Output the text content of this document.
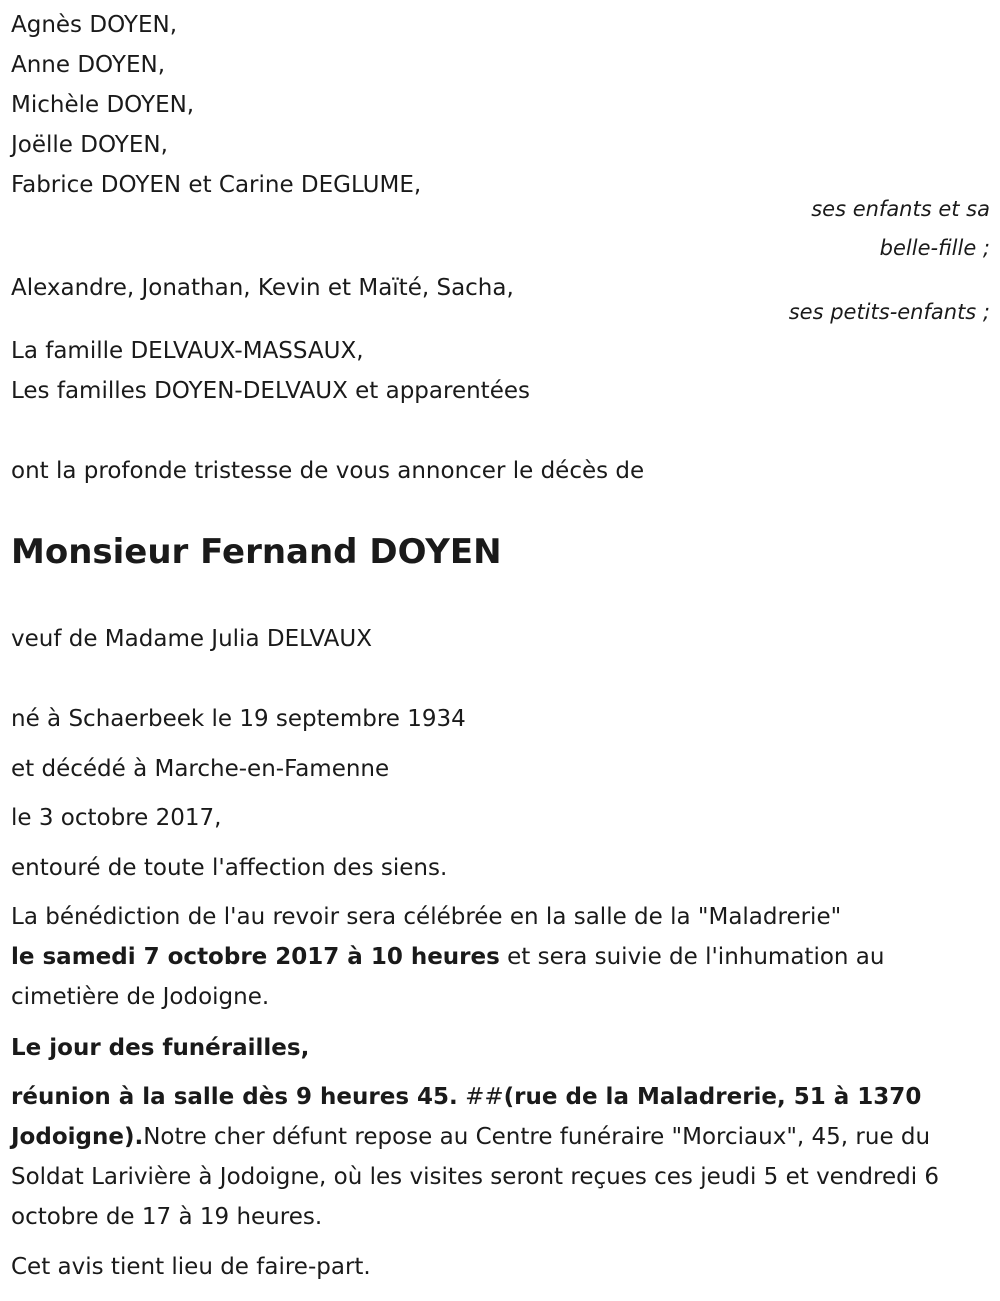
Agnès DOYEN,
Anne DOYEN,
Michèle DOYEN,
Joëlle DOYEN,
Fabrice DOYEN et Carine DEGLUME,
ses enfants et sa
belle-fille ;
Alexandre, Jonathan, Kevin et Maïté, Sacha,
ses petits-enfants ;
La famille DELVAUX-MASSAUX,
Les familles DOYEN-DELVAUX et apparentées
ont la profonde tristesse de vous annoncer le décès de
Monsieur Fernand DOYEN
veuf de Madame Julia DELVAUX
né à Schaerbeek le 19 septembre 1934
et décédé à Marche-en-Famenne
le 3 octobre 2017,
entouré de toute l'affection des siens.
La bénédiction de l'au revoir sera célébrée en la salle de la "Maladrerie"
le samedi 7 octobre 2017 à 10 heures et sera suivie de l'inhumation au cimetière de Jodoigne.
Le jour des funérailles,
réunion à la salle dès 9 heures 45. ##(rue de la Maladrerie, 51 à 1370 Jodoigne).Notre cher défunt repose au Centre funéraire "Morciaux", 45, rue du Soldat Larivière à Jodoigne, où les visites seront reçues ces jeudi 5 et vendredi 6 octobre de 17 à 19 heures.
Cet avis tient lieu de faire-part.
